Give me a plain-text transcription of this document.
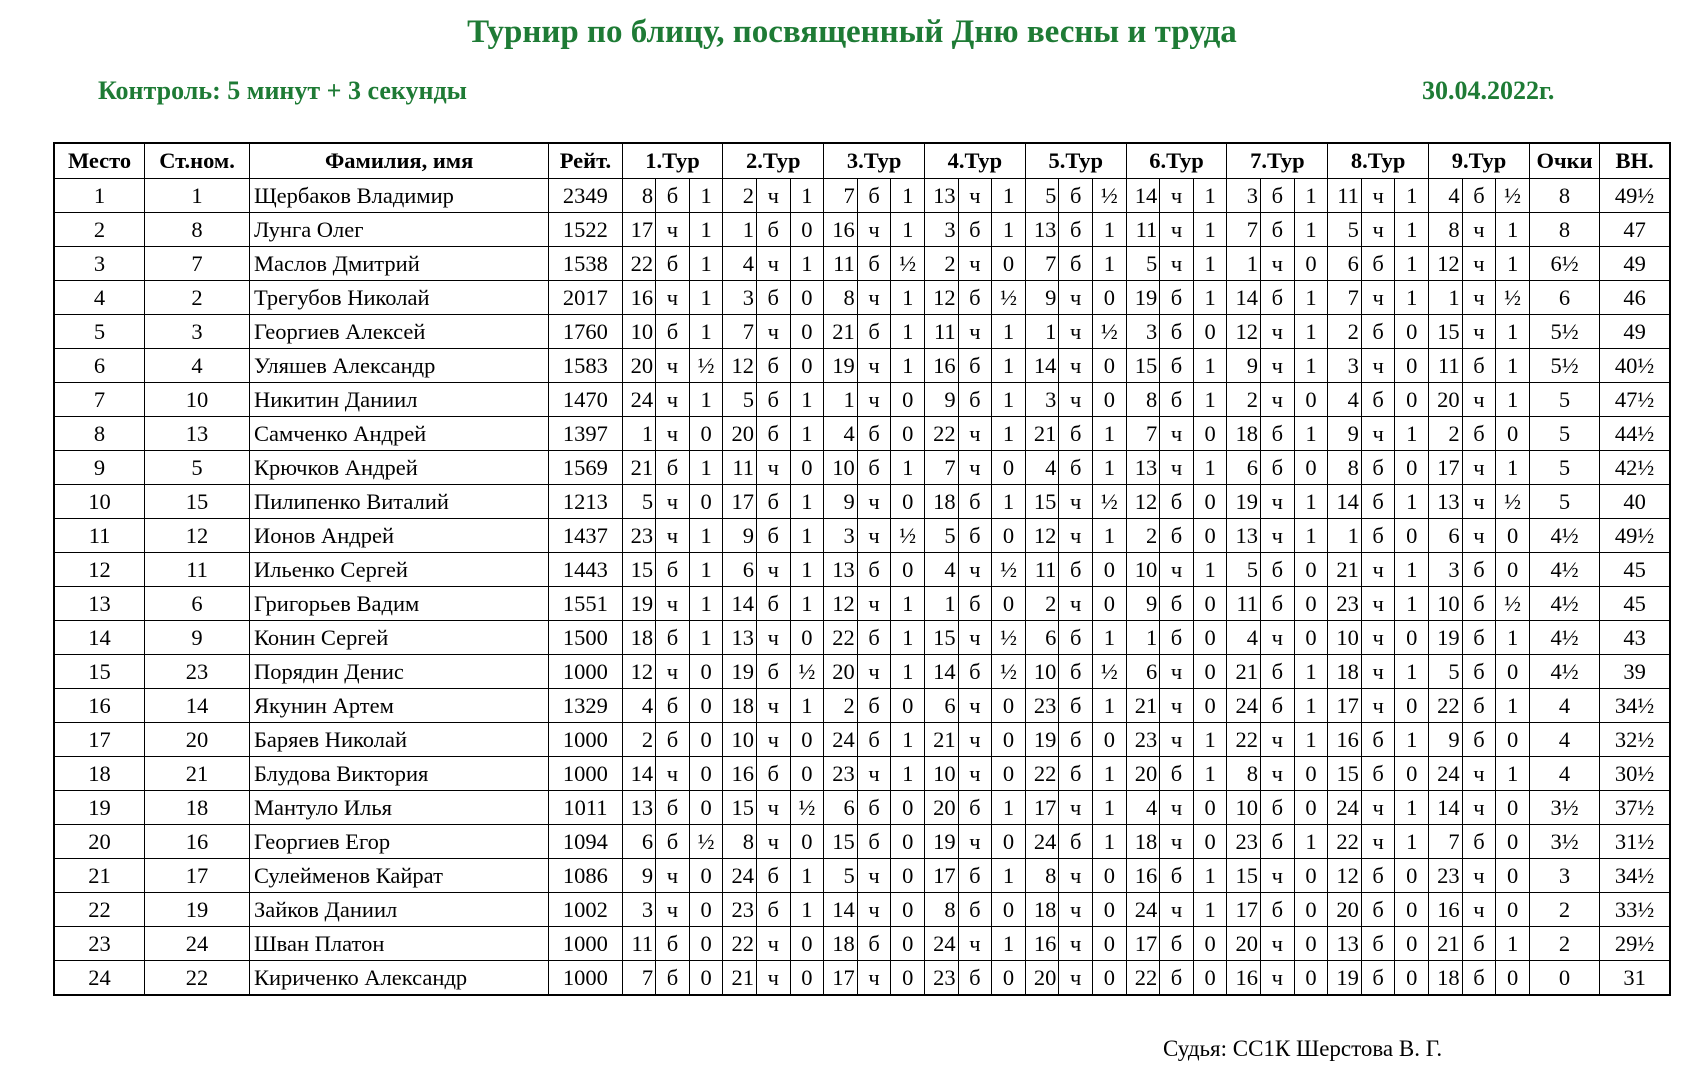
Турнир по блицу, посвященный Дню весны и труда
Контроль: 5 минут + 3 секунды	30.04.2022г.
Место	Ст.ном.	Фамилия, имя	Рейт.	1.Тур			2.Тур			3.Тур			4.Тур			5.Тур			6.Тур			7.Тур			8.Тур			9.Тур			Очки	ВН.
1	1	Щербаков Владимир	2349	8	б	1	2	ч	1	7	б	1	13	ч	1	5	б	½	14	ч	1	3	б	1	11	ч	1	4	б	½	8	49½
2	8	Лунга Олег	1522	17	ч	1	1	б	0	16	ч	1	3	б	1	13	б	1	11	ч	1	7	б	1	5	ч	1	8	ч	1	8	47
3	7	Маслов Дмитрий	1538	22	б	1	4	ч	1	11	б	½	2	ч	0	7	б	1	5	ч	1	1	ч	0	6	б	1	12	ч	1	6½	49
4	2	Трегубов Николай	2017	16	ч	1	3	б	0	8	ч	1	12	б	½	9	ч	0	19	б	1	14	б	1	7	ч	1	1	ч	½	6	46
5	3	Георгиев Алексей	1760	10	б	1	7	ч	0	21	б	1	11	ч	1	1	ч	½	3	б	0	12	ч	1	2	б	0	15	ч	1	5½	49
6	4	Уляшев Александр	1583	20	ч	½	12	б	0	19	ч	1	16	б	1	14	ч	0	15	б	1	9	ч	1	3	ч	0	11	б	1	5½	40½
7	10	Никитин Даниил	1470	24	ч	1	5	б	1	1	ч	0	9	б	1	3	ч	0	8	б	1	2	ч	0	4	б	0	20	ч	1	5	47½
8	13	Самченко Андрей	1397	1	ч	0	20	б	1	4	б	0	22	ч	1	21	б	1	7	ч	0	18	б	1	9	ч	1	2	б	0	5	44½
9	5	Крючков Андрей	1569	21	б	1	11	ч	0	10	б	1	7	ч	0	4	б	1	13	ч	1	6	б	0	8	б	0	17	ч	1	5	42½
10	15	Пилипенко Виталий	1213	5	ч	0	17	б	1	9	ч	0	18	б	1	15	ч	½	12	б	0	19	ч	1	14	б	1	13	ч	½	5	40
11	12	Ионов Андрей	1437	23	ч	1	9	б	1	3	ч	½	5	б	0	12	ч	1	2	б	0	13	ч	1	1	б	0	6	ч	0	4½	49½
12	11	Ильенко Сергей	1443	15	б	1	6	ч	1	13	б	0	4	ч	½	11	б	0	10	ч	1	5	б	0	21	ч	1	3	б	0	4½	45
13	6	Григорьев Вадим	1551	19	ч	1	14	б	1	12	ч	1	1	б	0	2	ч	0	9	б	0	11	б	0	23	ч	1	10	б	½	4½	45
14	9	Конин Сергей	1500	18	б	1	13	ч	0	22	б	1	15	ч	½	6	б	1	1	б	0	4	ч	0	10	ч	0	19	б	1	4½	43
15	23	Порядин Денис	1000	12	ч	0	19	б	½	20	ч	1	14	б	½	10	б	½	6	ч	0	21	б	1	18	ч	1	5	б	0	4½	39
16	14	Якунин Артем	1329	4	б	0	18	ч	1	2	б	0	6	ч	0	23	б	1	21	ч	0	24	б	1	17	ч	0	22	б	1	4	34½
17	20	Баряев Николай	1000	2	б	0	10	ч	0	24	б	1	21	ч	0	19	б	0	23	ч	1	22	ч	1	16	б	1	9	б	0	4	32½
18	21	Блудова Виктория	1000	14	ч	0	16	б	0	23	ч	1	10	ч	0	22	б	1	20	б	1	8	ч	0	15	б	0	24	ч	1	4	30½
19	18	Мантуло Илья	1011	13	б	0	15	ч	½	6	б	0	20	б	1	17	ч	1	4	ч	0	10	б	0	24	ч	1	14	ч	0	3½	37½
20	16	Георгиев Егор	1094	6	б	½	8	ч	0	15	б	0	19	ч	0	24	б	1	18	ч	0	23	б	1	22	ч	1	7	б	0	3½	31½
21	17	Сулейменов Кайрат	1086	9	ч	0	24	б	1	5	ч	0	17	б	1	8	ч	0	16	б	1	15	ч	0	12	б	0	23	ч	0	3	34½
22	19	Зайков Даниил	1002	3	ч	0	23	б	1	14	ч	0	8	б	0	18	ч	0	24	ч	1	17	б	0	20	б	0	16	ч	0	2	33½
23	24	Шван Платон	1000	11	б	0	22	ч	0	18	б	0	24	ч	1	16	ч	0	17	б	0	20	ч	0	13	б	0	21	б	1	2	29½
24	22	Кириченко Александр	1000	7	б	0	21	ч	0	17	ч	0	23	б	0	20	ч	0	22	б	0	16	ч	0	19	б	0	18	б	0	0	31
Судья: СС1К Шерстова В. Г.
